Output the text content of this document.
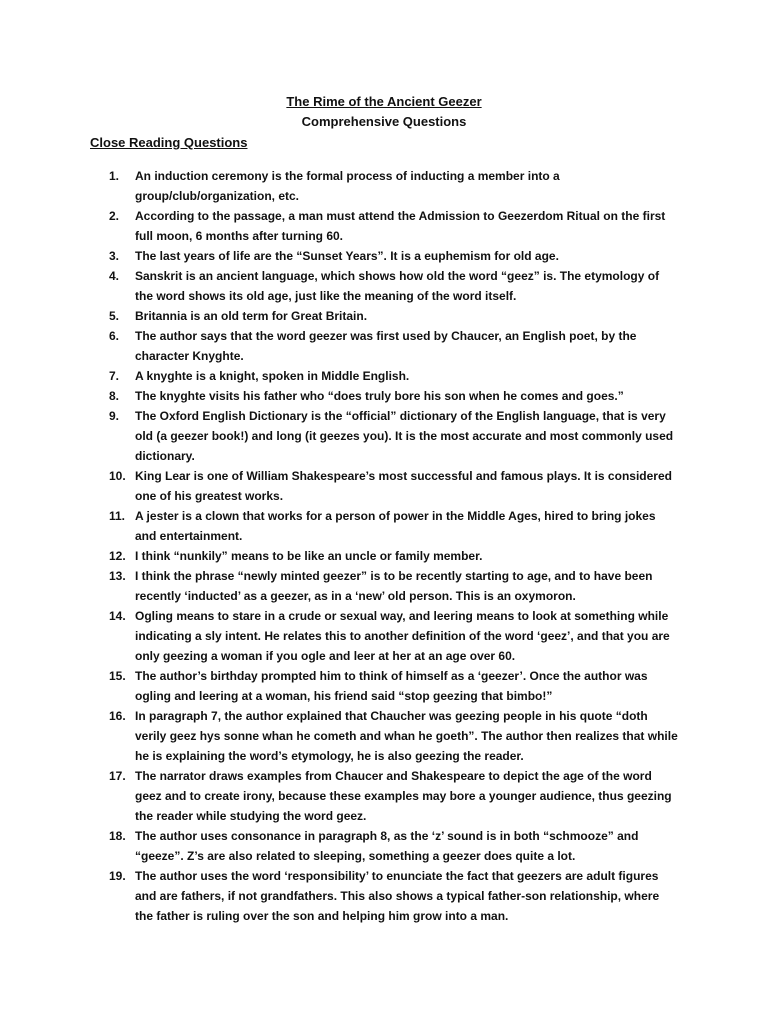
The Rime of the Ancient Geezer
Comprehensive Questions
Close Reading Questions
1.	An induction ceremony is the formal process of inducting a member into a group/club/organization, etc.
2.	According to the passage, a man must attend the Admission to Geezerdom Ritual on the first full moon, 6 months after turning 60.
3.	The last years of life are the “Sunset Years”. It is a euphemism for old age.
4.	Sanskrit is an ancient language, which shows how old the word “geez” is. The etymology of the word shows its old age, just like the meaning of the word itself.
5.	Britannia is an old term for Great Britain.
6.	The author says that the word geezer was first used by Chaucer, an English poet, by the character Knyghte.
7.	A knyghte is a knight, spoken in Middle English.
8.	The knyghte visits his father who “does truly bore his son when he comes and goes.”
9.	The Oxford English Dictionary is the “official” dictionary of the English language, that is very old (a geezer book!) and long (it geezes you). It is the most accurate and most commonly used dictionary.
10. King Lear is one of William Shakespeare’s most successful and famous plays. It is considered one of his greatest works.
11. A jester is a clown that works for a person of power in the Middle Ages, hired to bring jokes and entertainment.
12. I think “nunkily” means to be like an uncle or family member.
13. I think the phrase “newly minted geezer” is to be recently starting to age, and to have been recently ‘inducted’ as a geezer, as in a ‘new’ old person. This is an oxymoron.
14. Ogling means to stare in a crude or sexual way, and leering means to look at something while indicating a sly intent. He relates this to another definition of the word ‘geez’, and that you are only geezing a woman if you ogle and leer at her at an age over 60.
15. The author’s birthday prompted him to think of himself as a ‘geezer’. Once the author was ogling and leering at a woman, his friend said “stop geezing that bimbo!”
16. In paragraph 7, the author explained that Chaucher was geezing people in his quote “doth verily geez hys sonne whan he cometh and whan he goeth”. The author then realizes that while he is explaining the word’s etymology, he is also geezing the reader.
17. The narrator draws examples from Chaucer and Shakespeare to depict the age of the word geez and to create irony, because these examples may bore a younger audience, thus geezing the reader while studying the word geez.
18. The author uses consonance in paragraph 8, as the ‘z’ sound is in both “schmooze” and “geeze”. Z’s are also related to sleeping, something a geezer does quite a lot.
19. The author uses the word ‘responsibility’ to enunciate the fact that geezers are adult figures and are fathers, if not grandfathers. This also shows a typical father-son relationship, where the father is ruling over the son and helping him grow into a man.
